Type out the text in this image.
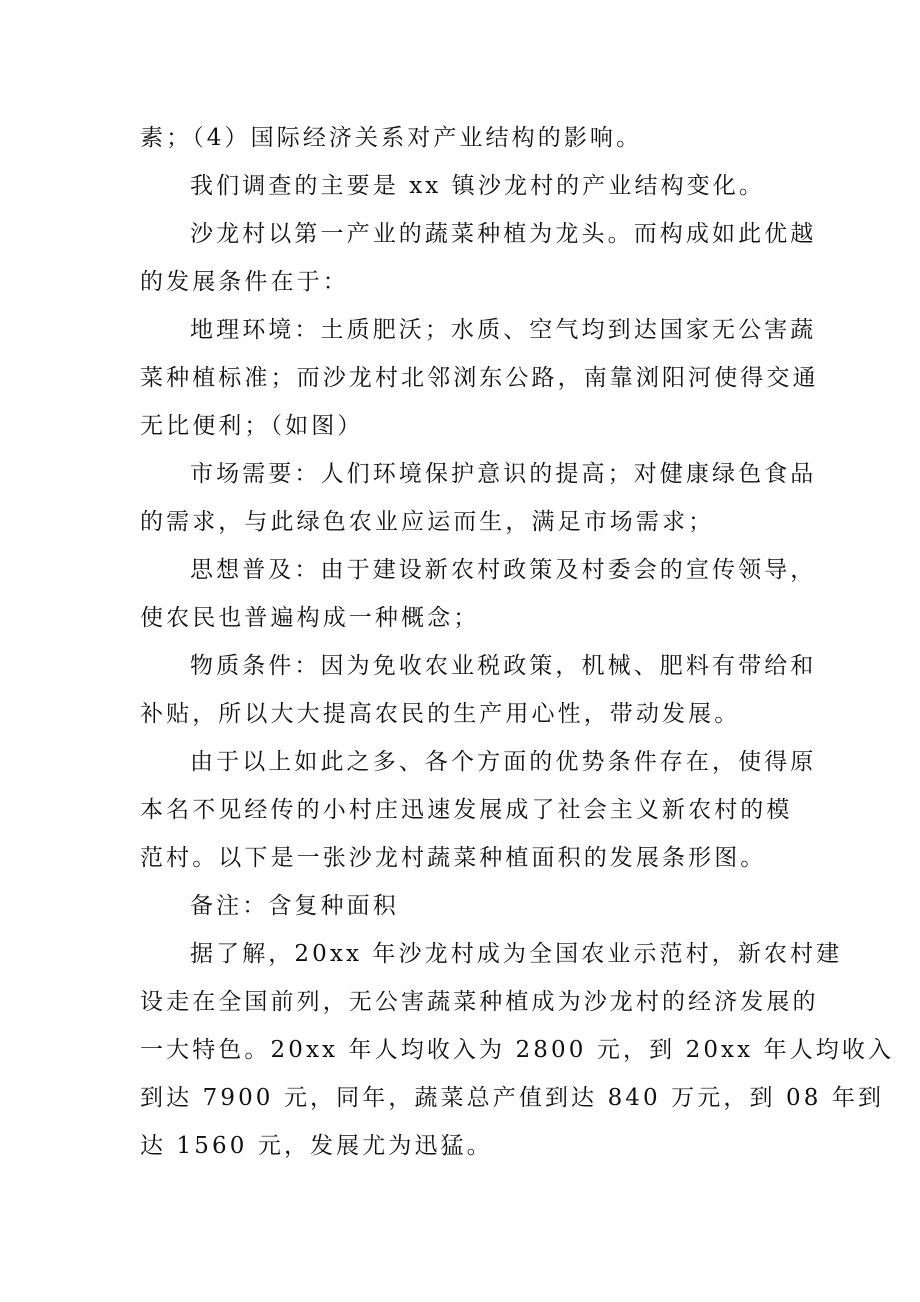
素；（4）国际经济关系对产业结构的影响。
我们调查的主要是 xx 镇沙龙村的产业结构变化。
沙龙村以第一产业的蔬菜种植为龙头。而构成如此优越
的发展条件在于：
地理环境：土质肥沃；水质、空气均到达国家无公害蔬
菜种植标准；而沙龙村北邻浏东公路，南靠浏阳河使得交通
无比便利；（如图）
市场需要：人们环境保护意识的提高；对健康绿色食品
的需求，与此绿色农业应运而生，满足市场需求；
思想普及：由于建设新农村政策及村委会的宣传领导，
使农民也普遍构成一种概念；
物质条件：因为免收农业税政策，机械、肥料有带给和
补贴，所以大大提高农民的生产用心性，带动发展。
由于以上如此之多、各个方面的优势条件存在，使得原
本名不见经传的小村庄迅速发展成了社会主义新农村的模
范村。以下是一张沙龙村蔬菜种植面积的发展条形图。
备注：含复种面积
据了解，20xx 年沙龙村成为全国农业示范村，新农村建
设走在全国前列，无公害蔬菜种植成为沙龙村的经济发展的
一大特色。20xx 年人均收入为 2800 元，到 20xx 年人均收入
到达 7900 元，同年，蔬菜总产值到达 840 万元，到 08 年到
达 1560 元，发展尤为迅猛。
